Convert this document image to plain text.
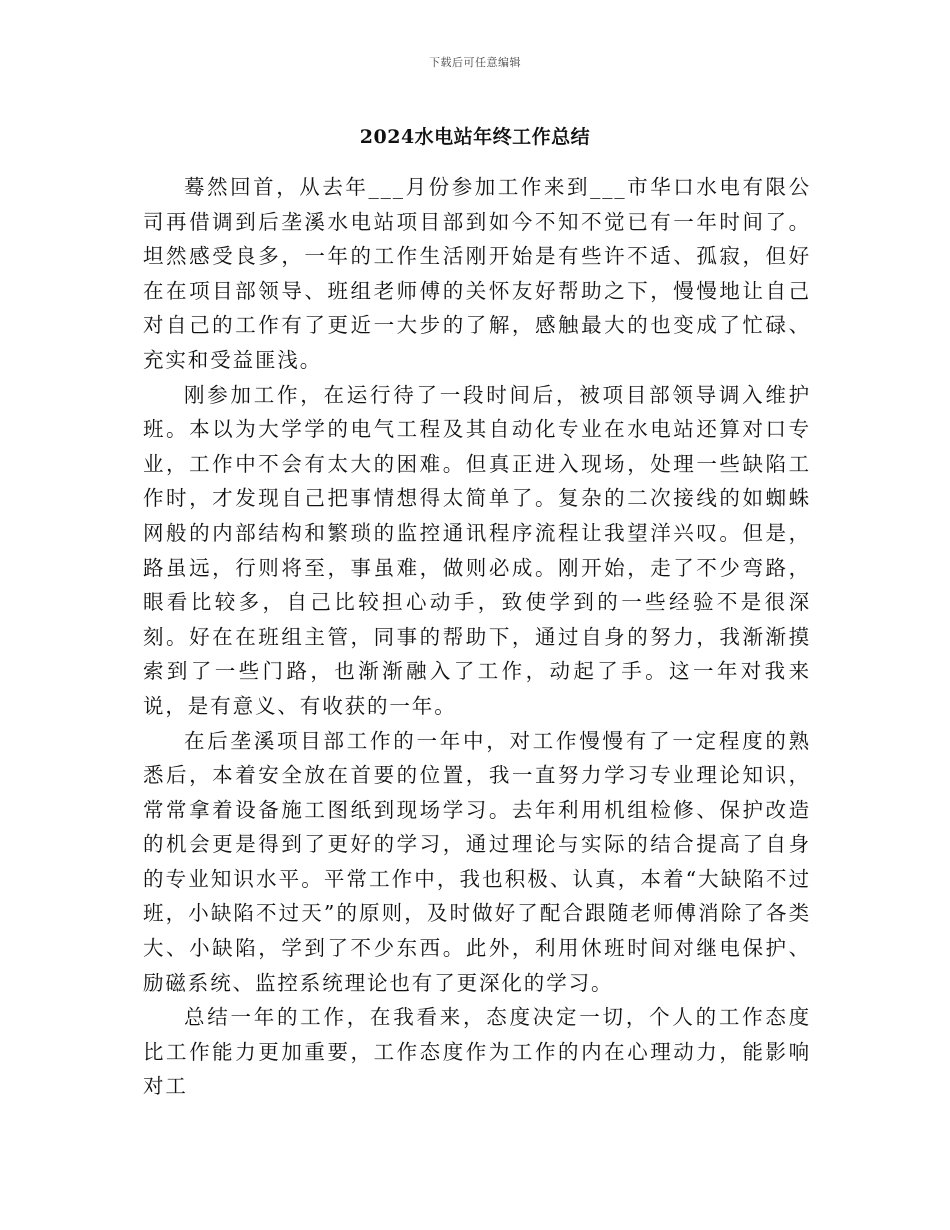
下载后可任意编辑
2024水电站年终工作总结

蓦然回首，从去年___月份参加工作来到___市华口水电有限公司再借调到后垄溪水电站项目部到如今不知不觉已有一年时间了。坦然感受良多，一年的工作生活刚开始是有些许不适、孤寂，但好在在项目部领导、班组老师傅的关怀友好帮助之下，慢慢地让自己对自己的工作有了更近一大步的了解，感触最大的也变成了忙碌、充实和受益匪浅。

刚参加工作，在运行待了一段时间后，被项目部领导调入维护班。本以为大学学的电气工程及其自动化专业在水电站还算对口专业，工作中不会有太大的困难。但真正进入现场，处理一些缺陷工作时，才发现自己把事情想得太简单了。复杂的二次接线的如蜘蛛网般的内部结构和繁琐的监控通讯程序流程让我望洋兴叹。但是，路虽远，行则将至，事虽难，做则必成。刚开始，走了不少弯路，眼看比较多，自己比较担心动手，致使学到的一些经验不是很深刻。好在在班组主管，同事的帮助下，通过自身的努力，我渐渐摸索到了一些门路，也渐渐融入了工作，动起了手。这一年对我来说，是有意义、有收获的一年。

在后垄溪项目部工作的一年中，对工作慢慢有了一定程度的熟悉后，本着安全放在首要的位置，我一直努力学习专业理论知识，常常拿着设备施工图纸到现场学习。去年利用机组检修、保护改造的机会更是得到了更好的学习，通过理论与实际的结合提高了自身的专业知识水平。平常工作中，我也积极、认真，本着“大缺陷不过班，小缺陷不过天”的原则，及时做好了配合跟随老师傅消除了各类大、小缺陷，学到了不少东西。此外，利用休班时间对继电保护、励磁系统、监控系统理论也有了更深化的学习。

总结一年的工作，在我看来，态度决定一切，个人的工作态度比工作能力更加重要，工作态度作为工作的内在心理动力，能影响对工
